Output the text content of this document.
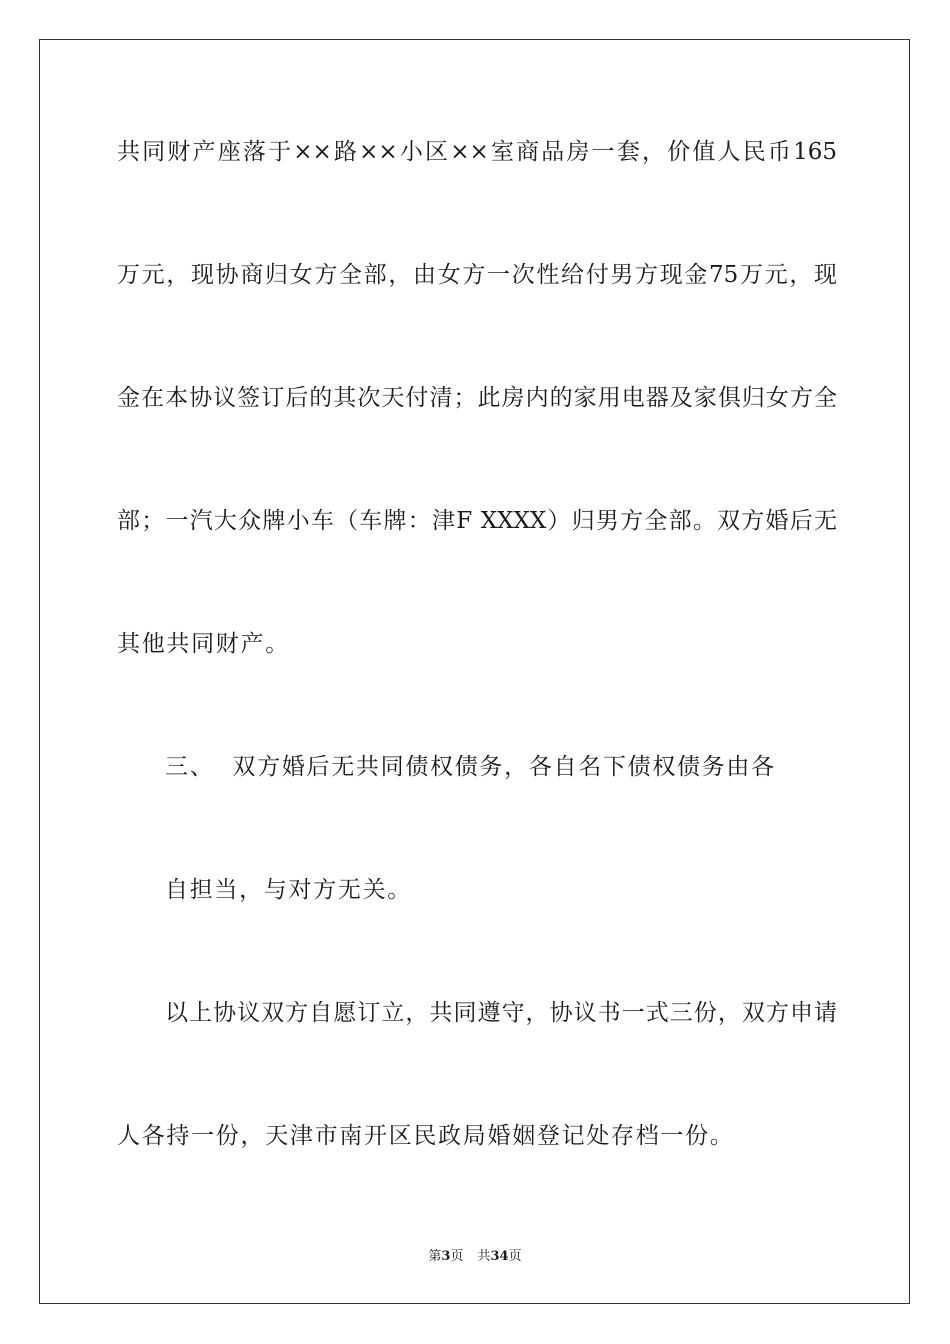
共同财产座落于××路××小区××室商品房一套，价值人民币165
万元，现协商归女方全部，由女方一次性给付男方现金75万元，现
金在本协议签订后的其次天付清；此房内的家用电器及家俱归女方全
部；一汽大众牌小车（车牌：津F XXXX）归男方全部。双方婚后无
其他共同财产。
三、  双方婚后无共同债权债务，各自名下债权债务由各
自担当，与对方无关。
以上协议双方自愿订立，共同遵守，协议书一式三份，双方申请
人各持一份，天津市南开区民政局婚姻登记处存档一份。
第3页 共34页
